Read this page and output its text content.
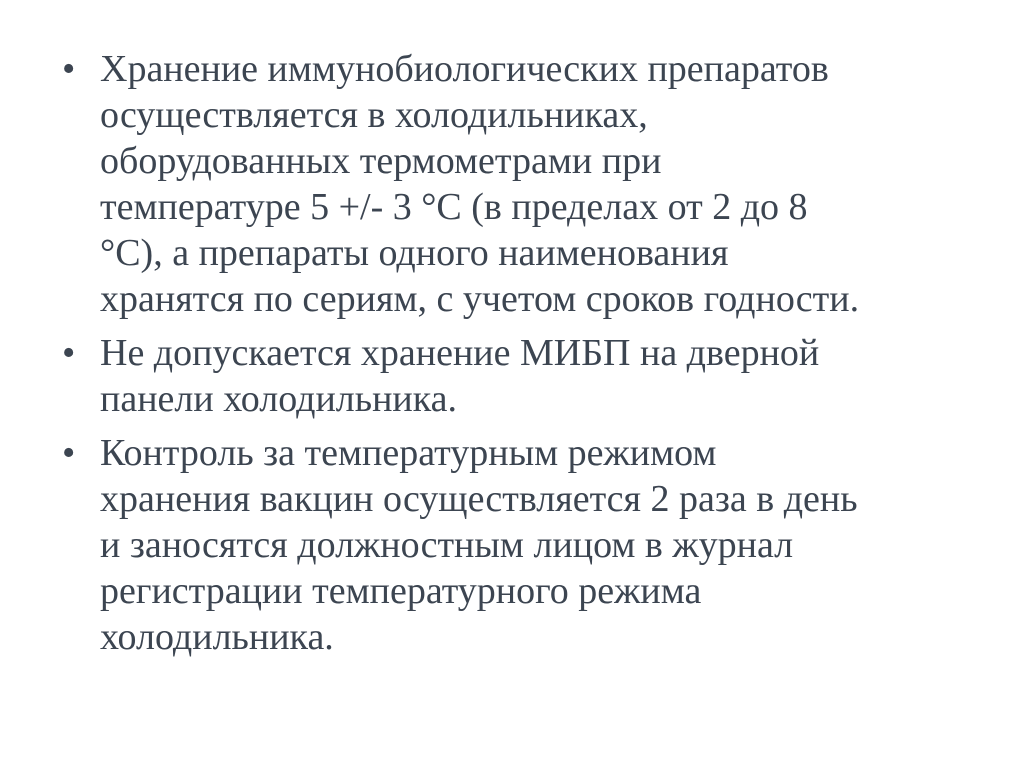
• Хранение иммунобиологических препаратов
осуществляется в холодильниках,
оборудованных термометрами при
температуре 5 +/- 3 °С (в пределах от 2 до 8
°С), а препараты одного наименования
хранятся по сериям, с учетом сроков годности.
• Не допускается хранение МИБП на дверной
панели холодильника.
• Контроль за температурным режимом
хранения вакцин осуществляется 2 раза в день
и заносятся должностным лицом в журнал
регистрации температурного режима
холодильника.
